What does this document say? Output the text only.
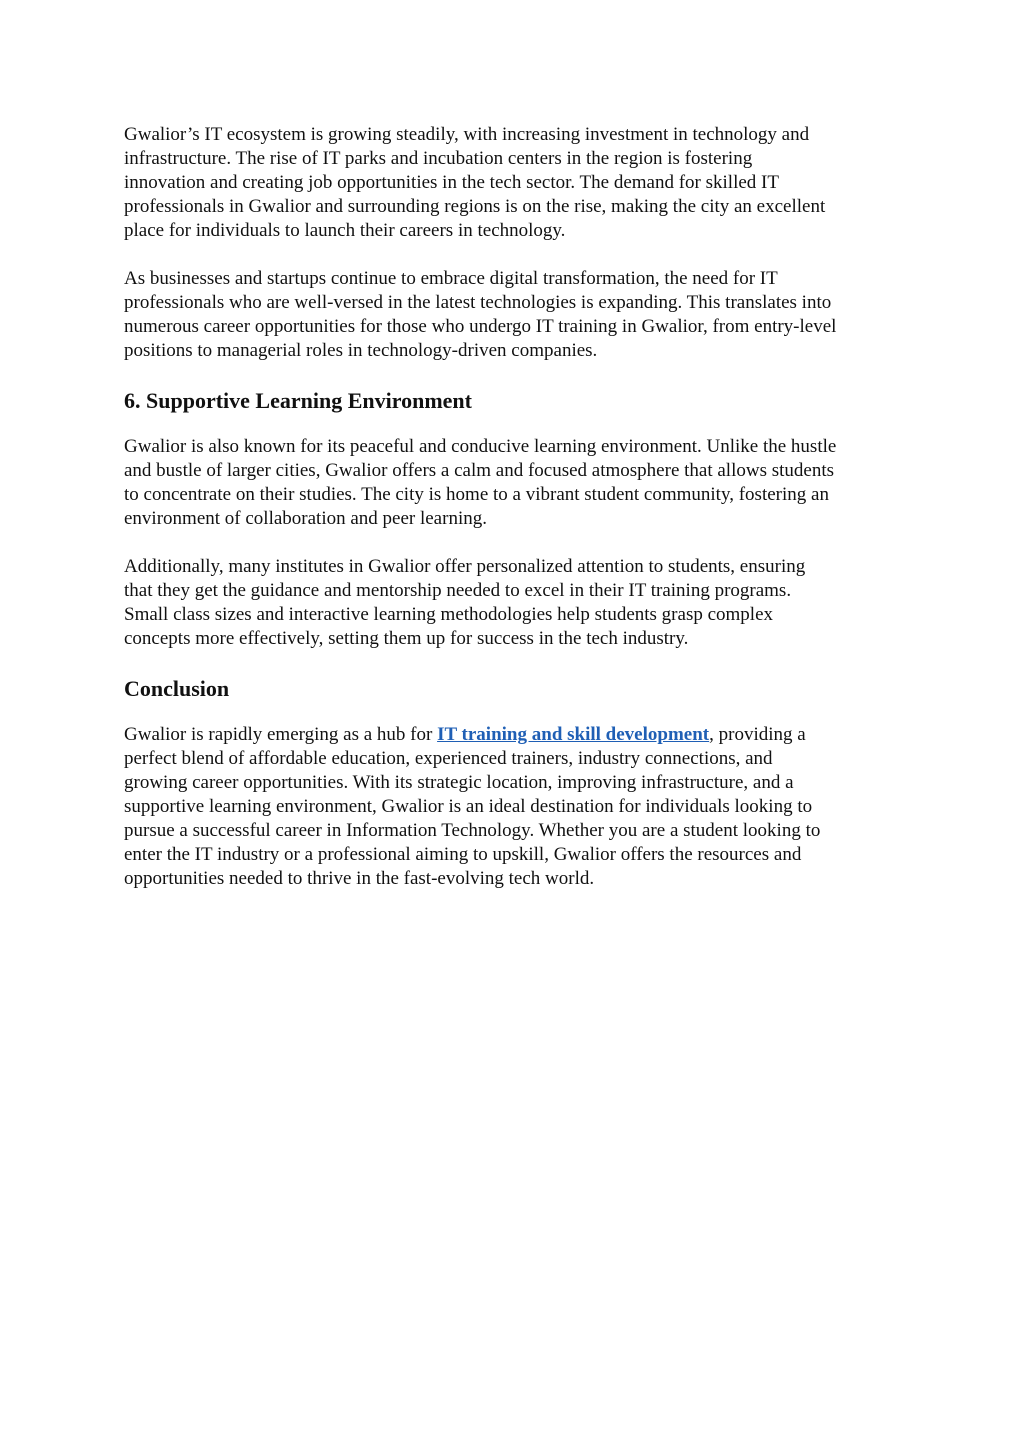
Gwalior’s IT ecosystem is growing steadily, with increasing investment in technology and
infrastructure. The rise of IT parks and incubation centers in the region is fostering
innovation and creating job opportunities in the tech sector. The demand for skilled IT
professionals in Gwalior and surrounding regions is on the rise, making the city an excellent
place for individuals to launch their careers in technology.

As businesses and startups continue to embrace digital transformation, the need for IT
professionals who are well-versed in the latest technologies is expanding. This translates into
numerous career opportunities for those who undergo IT training in Gwalior, from entry-level
positions to managerial roles in technology-driven companies.

6. Supportive Learning Environment

Gwalior is also known for its peaceful and conducive learning environment. Unlike the hustle
and bustle of larger cities, Gwalior offers a calm and focused atmosphere that allows students
to concentrate on their studies. The city is home to a vibrant student community, fostering an
environment of collaboration and peer learning.

Additionally, many institutes in Gwalior offer personalized attention to students, ensuring
that they get the guidance and mentorship needed to excel in their IT training programs.
Small class sizes and interactive learning methodologies help students grasp complex
concepts more effectively, setting them up for success in the tech industry.

Conclusion

Gwalior is rapidly emerging as a hub for IT training and skill development, providing a
perfect blend of affordable education, experienced trainers, industry connections, and
growing career opportunities. With its strategic location, improving infrastructure, and a
supportive learning environment, Gwalior is an ideal destination for individuals looking to
pursue a successful career in Information Technology. Whether you are a student looking to
enter the IT industry or a professional aiming to upskill, Gwalior offers the resources and
opportunities needed to thrive in the fast-evolving tech world.
